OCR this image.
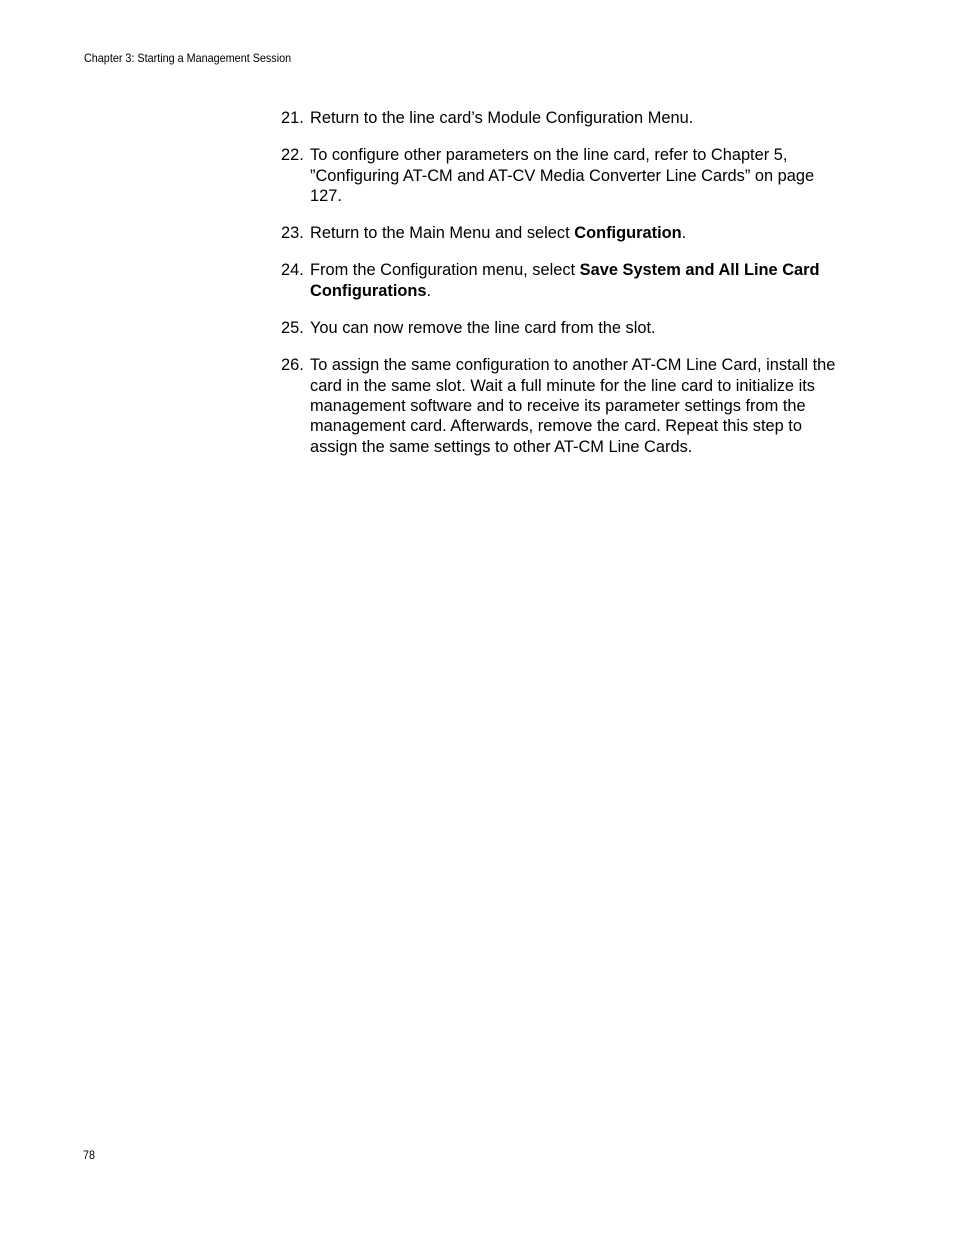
Chapter 3: Starting a Management Session
21. Return to the line card’s Module Configuration Menu.
22. To configure other parameters on the line card, refer to Chapter 5, ”Configuring AT-CM and AT-CV Media Converter Line Cards” on page 127.
23. Return to the Main Menu and select Configuration.
24. From the Configuration menu, select Save System and All Line Card Configurations.
25. You can now remove the line card from the slot.
26. To assign the same configuration to another AT-CM Line Card, install the card in the same slot. Wait a full minute for the line card to initialize its management software and to receive its parameter settings from the management card. Afterwards, remove the card. Repeat this step to assign the same settings to other AT-CM Line Cards.
78
